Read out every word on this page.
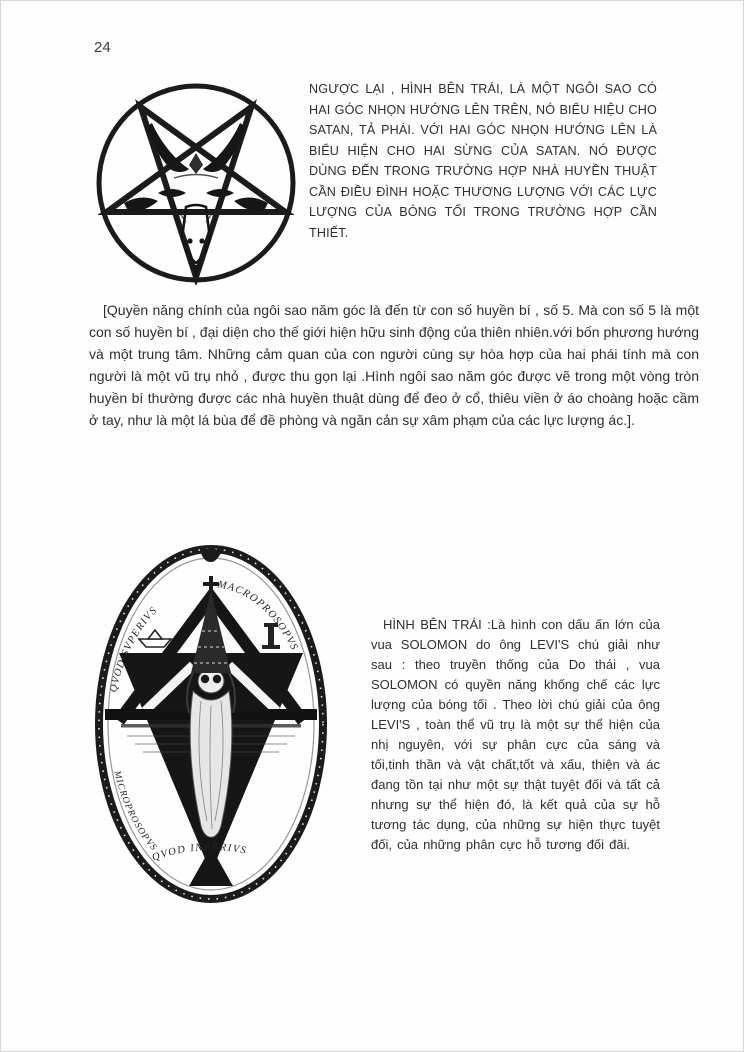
24
NGƯỢC LẠI , HÌNH BÊN TRÁI, LÀ MỘT NGÔI SAO CÓ HAI GÓC NHỌN HƯỚNG LÊN TRÊN, NÓ BIỂU HIỆU CHO SATAN, TẢ PHÁI. VỚI HAI GÓC NHỌN HƯỚNG LÊN LÀ BIỂU HIỆN CHO HAI SỪNG CỦA SATAN. NÓ ĐƯỢC DÙNG ĐẾN TRONG TRƯỜNG HỢP NHÀ HUYỀN THUẬT CẦN ĐIỀU ĐÌNH HOẶC THƯƠNG LƯỢNG VỚI CÁC LỰC LƯỢNG CỦA BÓNG TỐI TRONG TRƯỜNG HỢP CẦN THIẾT.
[Quyền năng chính của ngôi sao năm góc là đến từ con số huyền bí , số 5. Mà con số 5 là một con số huyền bí , đại diện cho thế giới hiện hữu sinh động của thiên nhiên.với bốn phương hướng và một trung tâm. Những cảm quan của con người cùng sự hòa hợp của hai phái tính mà con người là một vũ trụ nhỏ , được thu gọn lại .Hình ngôi sao năm góc được vẽ trong một vòng tròn huyền bí thường được các nhà huyền thuật dùng để đeo ở cổ, thiêu viền ở áo choàng hoặc cầm ở tay, như là một lá bùa để đề phòng và ngăn cản sự xâm phạm của các lực lượng ác.].
QVOD SVPERIVS
MACROPROSOPVS
MICROPROSOPVS
QVOD INFERIVS
HÌNH BÊN TRÁI :Là hình con dấu ấn lớn của vua SOLOMON do ông LEVI'S chú giải như sau : theo truyền thống của Do thái , vua SOLOMON có quyền năng khống chế các lực lượng của bóng tối . Theo lời chú giải của ông LEVI'S , toàn thể vũ trụ là một sự thể hiện của nhị nguyên, với sự phân cực của sáng và tối,tinh thần và vật chất,tốt và xấu, thiện và ác đang tồn tại như một sự thật tuyệt đối và tất cả nhưng sự thể hiện đó, là kết quả của sự hỗ tương tác dụng, của những sự hiện thực tuyệt đối, của những phân cực hỗ tương đối đãi.
